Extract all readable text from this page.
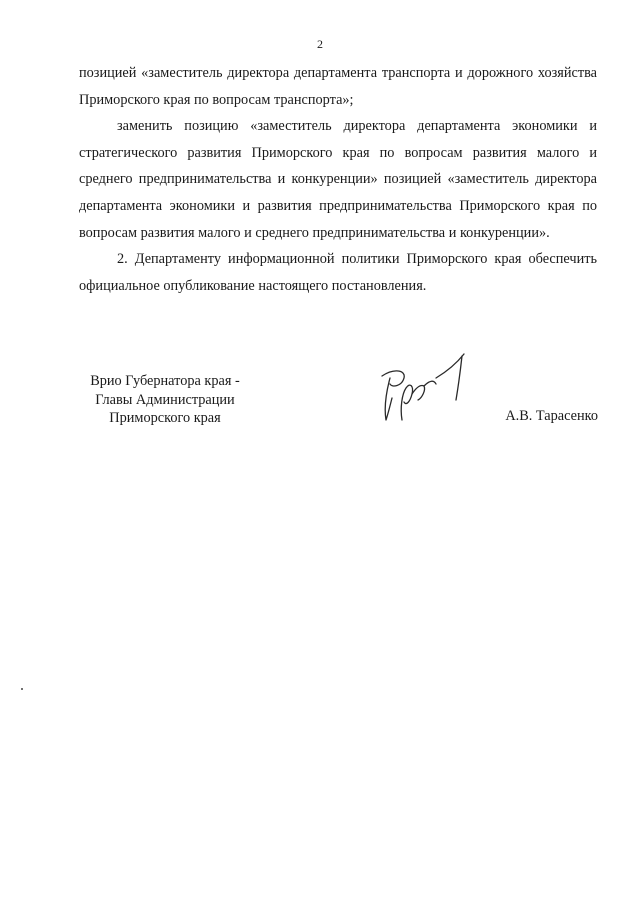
2

позицией «заместитель директора департамента транспорта и дорожного хозяйства Приморского края по вопросам транспорта»;

заменить позицию «заместитель директора департамента экономики и стратегического развития Приморского края по вопросам развития малого и среднего предпринимательства и конкуренции» позицией «заместитель директора департамента экономики и развития предпринимательства Приморского края по вопросам развития малого и среднего предпринимательства и конкуренции».

2. Департаменту информационной политики Приморского края обеспечить официальное опубликование настоящего постановления.

Врио Губернатора края -
Главы Администрации
Приморского края	А.В. Тарасенко
